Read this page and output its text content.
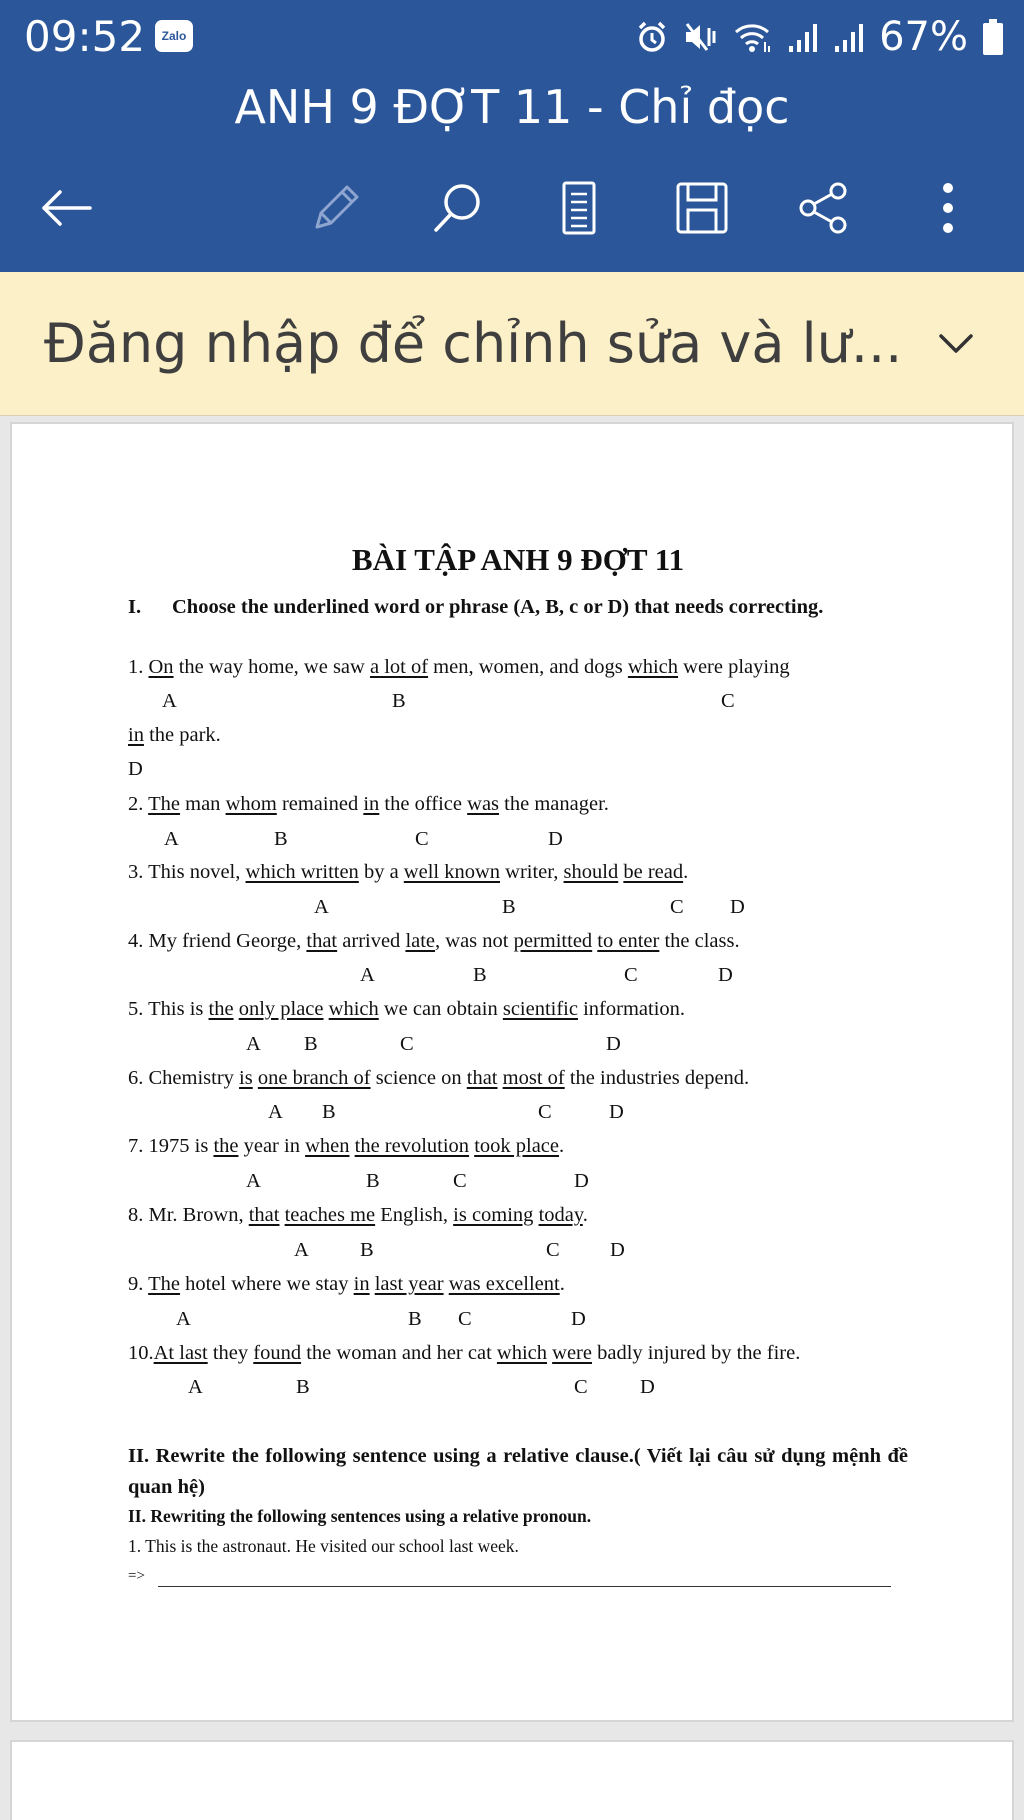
09:52	Zalo	67%
ANH 9 ĐỢT 11 - Chỉ đọc
Đăng nhập để chỉnh sửa và lư...
BÀI TẬP ANH 9 ĐỢT 11
I. Choose the underlined word or phrase (A, B, c or D) that needs correcting.
1. On the way home, we saw a lot of men, women, and dogs which were playing
A	B	C
in the park.
D
2. The man whom remained in the office was the manager.
A	B	C	D
3. This novel, which written by a well known writer, should be read.
A	B	C D
4. My friend George, that arrived late, was not permitted to enter the class.
A	B	C	D
5. This is the only place which we can obtain scientific information.
A B	C	D
6. Chemistry is one branch of science on that most of the industries depend.
A B	C	D
7. 1975 is the year in when the revolution took place.
A	B	C	D
8. Mr. Brown, that teaches me English, is coming today.
A B	C D
9. The hotel where we stay in last year was excellent.
A	B C	D
10.At last they found the woman and her cat which were badly injured by the fire.
A	B	C	D
II. Rewrite the following sentence using a relative clause.( Viết lại câu sử dụng mệnh đề quan hệ)
II. Rewriting the following sentences using a relative pronoun.
1. This is the astronaut. He visited our school last week.
=>
